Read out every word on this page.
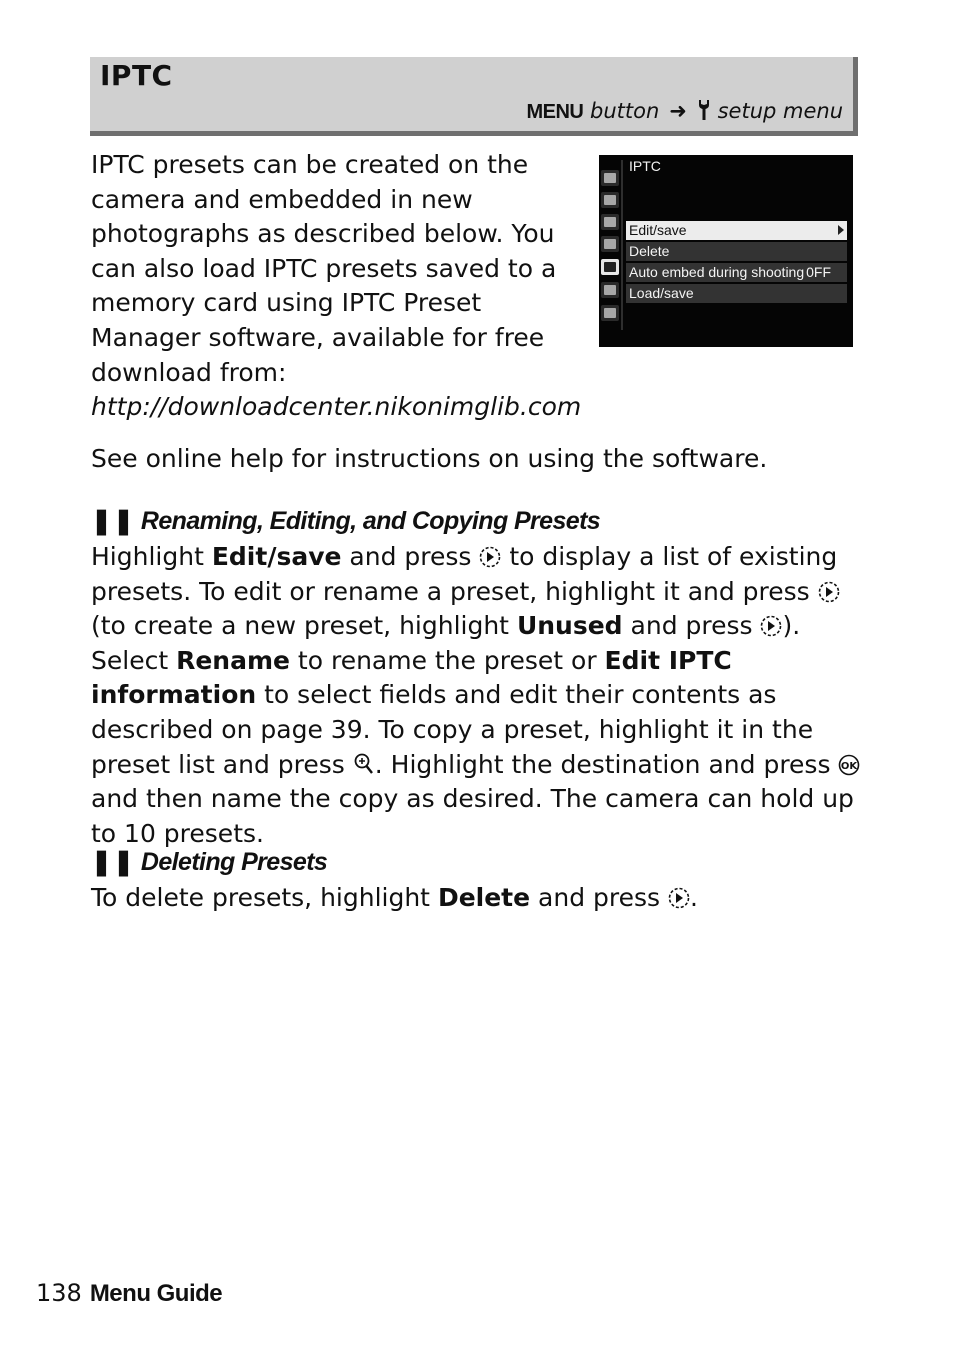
IPTC
MENU button ➜ setup menu
IPTC presets can be created on the camera and embedded in new photographs as described below. You can also load IPTC presets saved to a memory card using IPTC Preset Manager software, available for free download from:
http://downloadcenter.nikonimglib.com
IPTC
Edit/save
Delete
Auto embed during shooting 0FF
Load/save
See online help for instructions on using the software.
❚❚ Renaming, Editing, and Copying Presets
Highlight Edit/save and press  to display a list of existing presets. To edit or rename a preset, highlight it and press  (to create a new preset, highlight Unused and press ). Select Rename to rename the preset or Edit IPTC information to select fields and edit their contents as described on page 39. To copy a preset, highlight it in the preset list and press . Highlight the destination and press OK
and then name the copy as desired. The camera can hold up to 10 presets.
❚❚ Deleting Presets
To delete presets, highlight Delete and press .
138 Menu Guide
